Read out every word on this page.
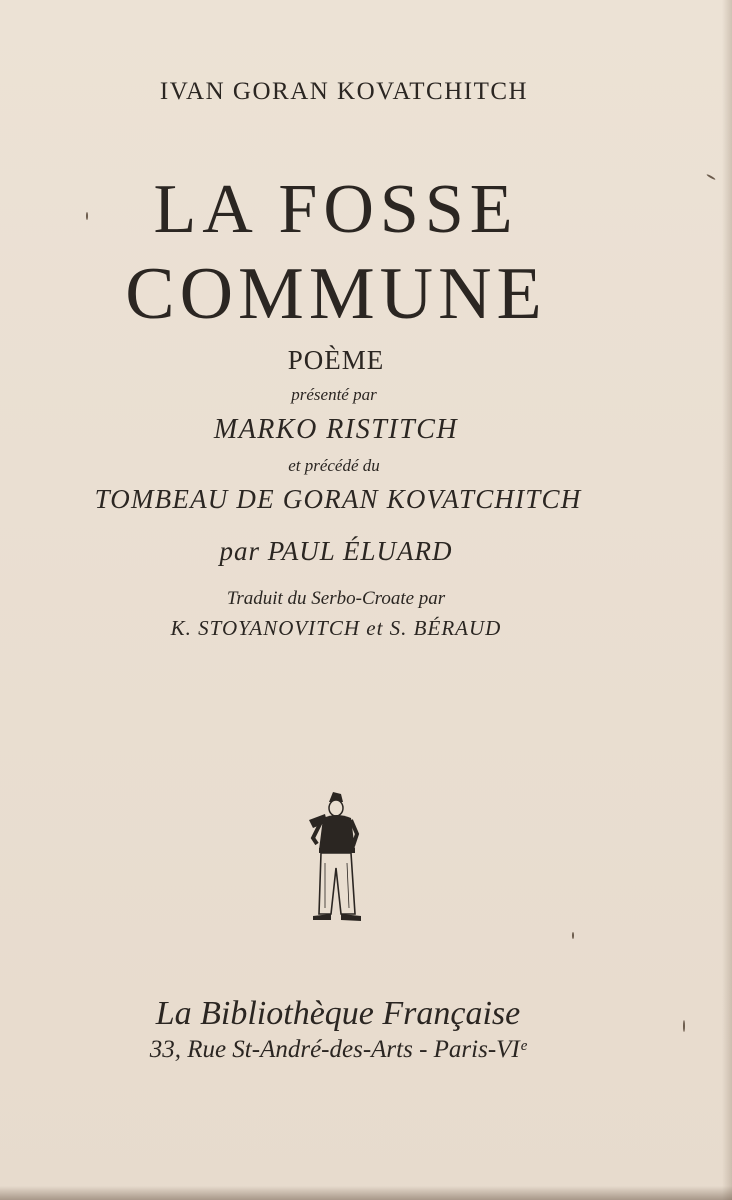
IVAN GORAN KOVATCHITCH
LA FOSSE
COMMUNE
POÈME
présenté par
MARKO RISTITCH
et précédé du
TOMBEAU DE GORAN KOVATCHITCH
par PAUL ÉLUARD
Traduit du Serbo-Croate par
K. STOYANOVITCH et S. BÉRAUD
La Bibliothèque Française
33, Rue St-André-des-Arts - Paris-VIᵉ
